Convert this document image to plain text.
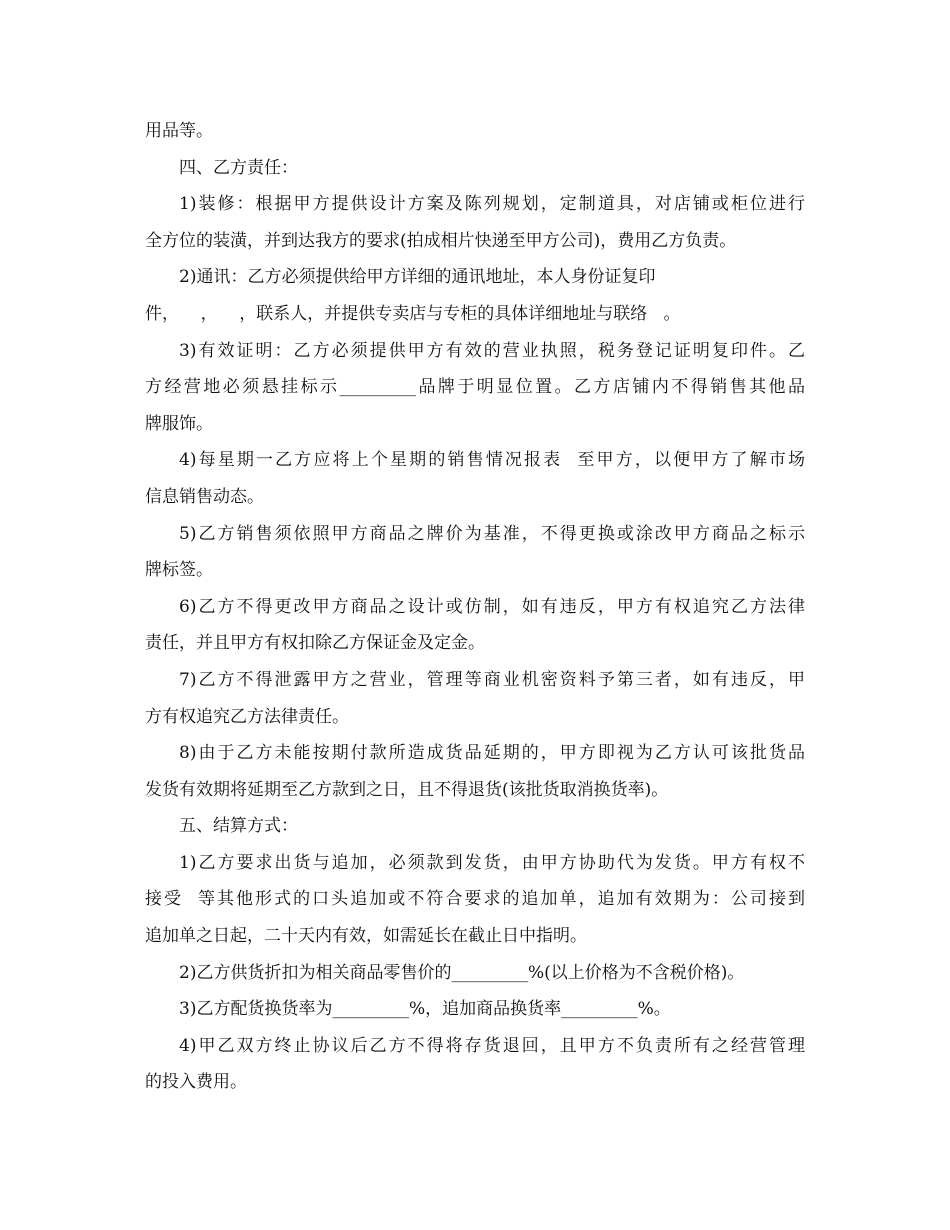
用品等。

四、乙方责任：

1)装修：根据甲方提供设计方案及陈列规划，定制道具，对店铺或柜位进行

全方位的装潢，并到达我方的要求(拍成相片快递至甲方公司)，费用乙方负责。

2)通讯：乙方必须提供给甲方详细的通讯地址，本人身份证复印

件，    ，    ，联系人，并提供专卖店与专柜的具体详细地址与联络   。

3)有效证明：乙方必须提供甲方有效的营业执照，税务登记证明复印件。乙

方经营地必须悬挂标示_________品牌于明显位置。乙方店铺内不得销售其他品

牌服饰。

4)每星期一乙方应将上个星期的销售情况报表  至甲方，以便甲方了解市场

信息销售动态。

5)乙方销售须依照甲方商品之牌价为基准，不得更换或涂改甲方商品之标示

牌标签。

6)乙方不得更改甲方商品之设计或仿制，如有违反，甲方有权追究乙方法律

责任，并且甲方有权扣除乙方保证金及定金。

7)乙方不得泄露甲方之营业，管理等商业机密资料予第三者，如有违反，甲

方有权追究乙方法律责任。

8)由于乙方未能按期付款所造成货品延期的，甲方即视为乙方认可该批货品

发货有效期将延期至乙方款到之日，且不得退货(该批货取消换货率)。

五、结算方式：

1)乙方要求出货与追加，必须款到发货，由甲方协助代为发货。甲方有权不

接受  等其他形式的口头追加或不符合要求的追加单，追加有效期为：公司接到

追加单之日起，二十天内有效，如需延长在截止日中指明。

2)乙方供货折扣为相关商品零售价的_________%(以上价格为不含税价格)。

3)乙方配货换货率为_________%，追加商品换货率_________%。

4)甲乙双方终止协议后乙方不得将存货退回，且甲方不负责所有之经营管理

的投入费用。
